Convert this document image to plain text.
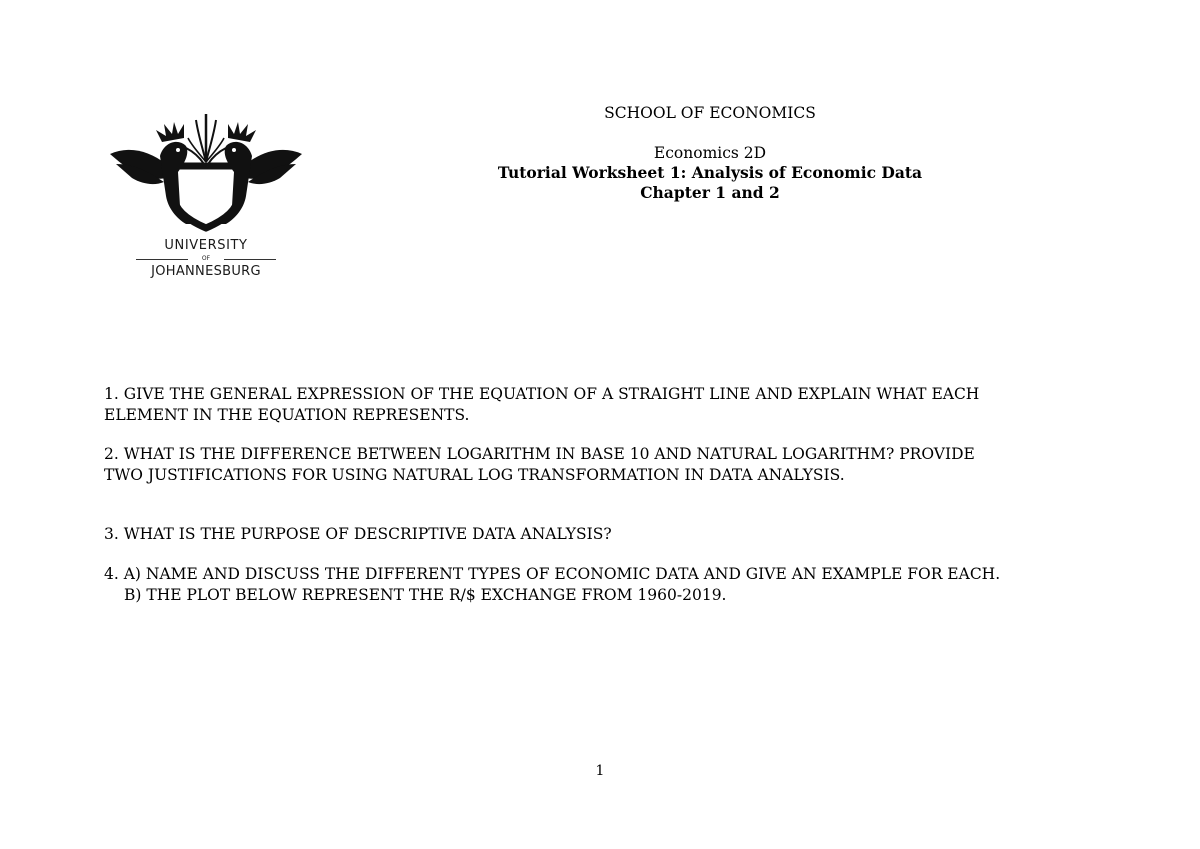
UNIVERSITY
OF
JOHANNESBURG
SCHOOL OF ECONOMICS
Economics 2D
Tutorial Worksheet 1: Analysis of Economic Data
Chapter 1 and 2
1. GIVE THE GENERAL EXPRESSION OF THE EQUATION OF A STRAIGHT LINE AND EXPLAIN WHAT EACH
ELEMENT IN THE EQUATION REPRESENTS.
2. WHAT IS THE DIFFERENCE BETWEEN LOGARITHM IN BASE 10 AND NATURAL LOGARITHM? PROVIDE
TWO JUSTIFICATIONS FOR USING NATURAL LOG TRANSFORMATION IN DATA ANALYSIS.
3. WHAT IS THE PURPOSE OF DESCRIPTIVE DATA ANALYSIS?
4. A) NAME AND DISCUSS THE DIFFERENT TYPES OF ECONOMIC DATA AND GIVE AN EXAMPLE FOR EACH.
B) THE PLOT BELOW REPRESENT THE R/$ EXCHANGE FROM 1960-2019.
1
